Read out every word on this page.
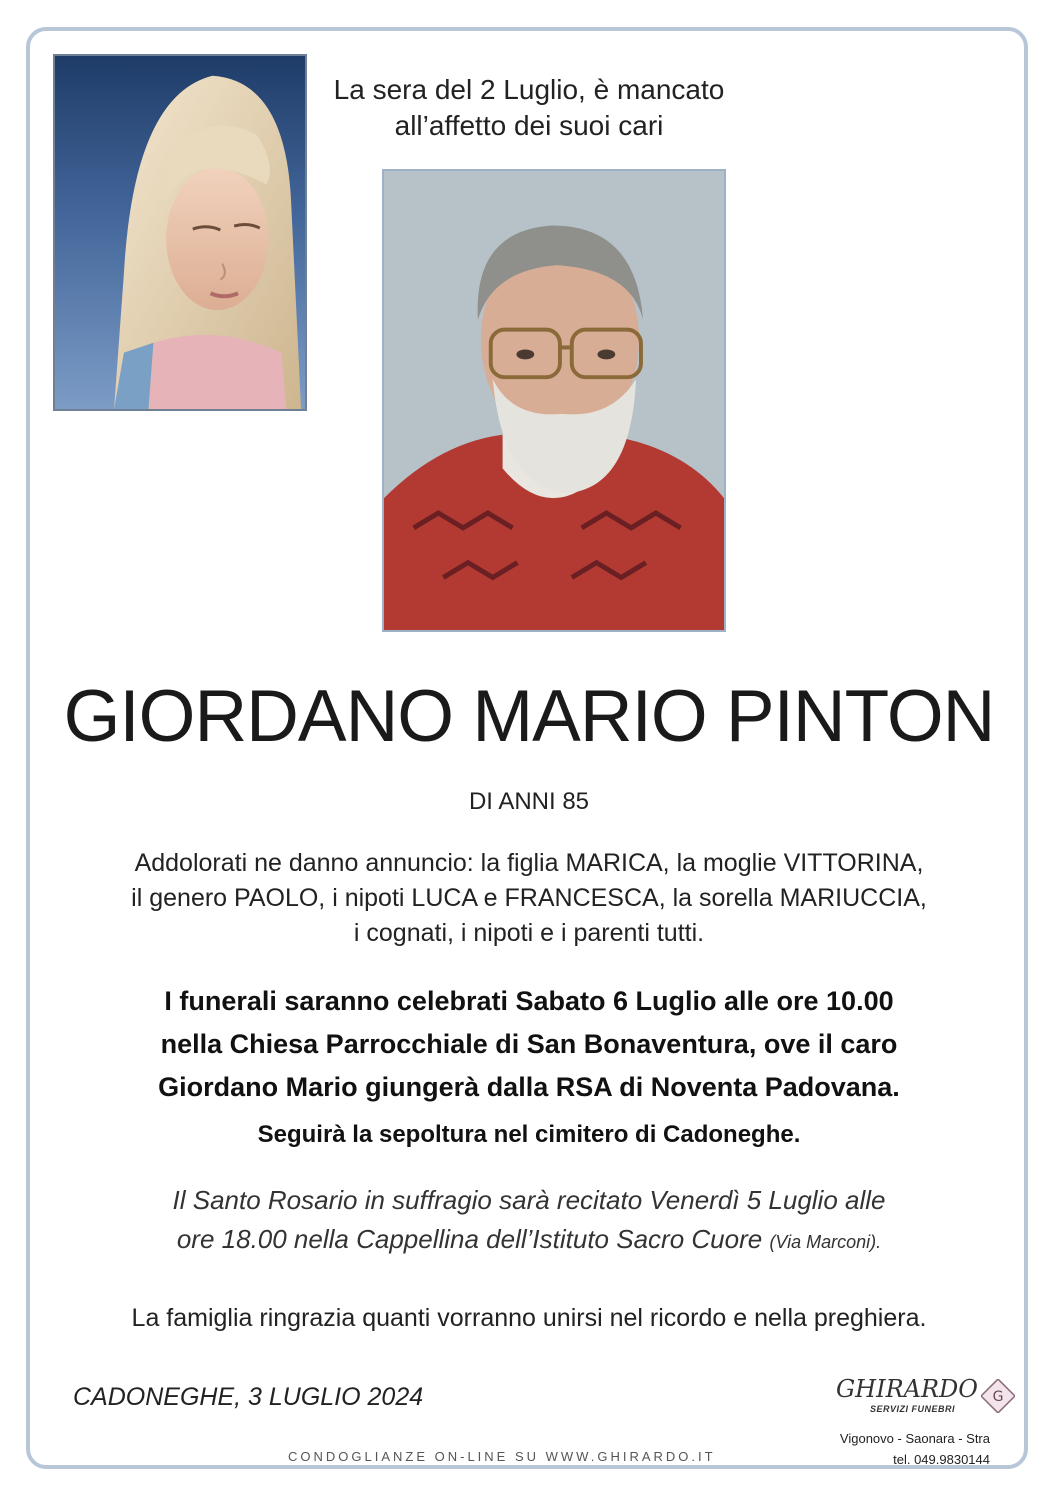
La sera del 2 Luglio, è mancato
all’affetto dei suoi cari
GIORDANO MARIO PINTON
DI ANNI 85
Addolorati ne danno annuncio: la figlia MARICA, la moglie VITTORINA,
il genero PAOLO, i nipoti LUCA e FRANCESCA, la sorella MARIUCCIA,
i cognati, i nipoti e i parenti tutti.
I funerali saranno celebrati Sabato 6 Luglio alle ore 10.00
nella Chiesa Parrocchiale di San Bonaventura, ove il caro
Giordano Mario giungerà dalla RSA di Noventa Padovana.
Seguirà la sepoltura nel cimitero di Cadoneghe.
Il Santo Rosario in suffragio sarà recitato Venerdì 5 Luglio alle
ore 18.00 nella Cappellina dell’Istituto Sacro Cuore (Via Marconi).
La famiglia ringrazia quanti vorranno unirsi nel ricordo e nella preghiera.
CADONEGHE, 3 LUGLIO 2024
CONDOGLIANZE ON-LINE SU WWW.GHIRARDO.IT
GHIRARDO
SERVIZI FUNEBRI
G
Vigonovo - Saonara - Stra
tel. 049.9830144
